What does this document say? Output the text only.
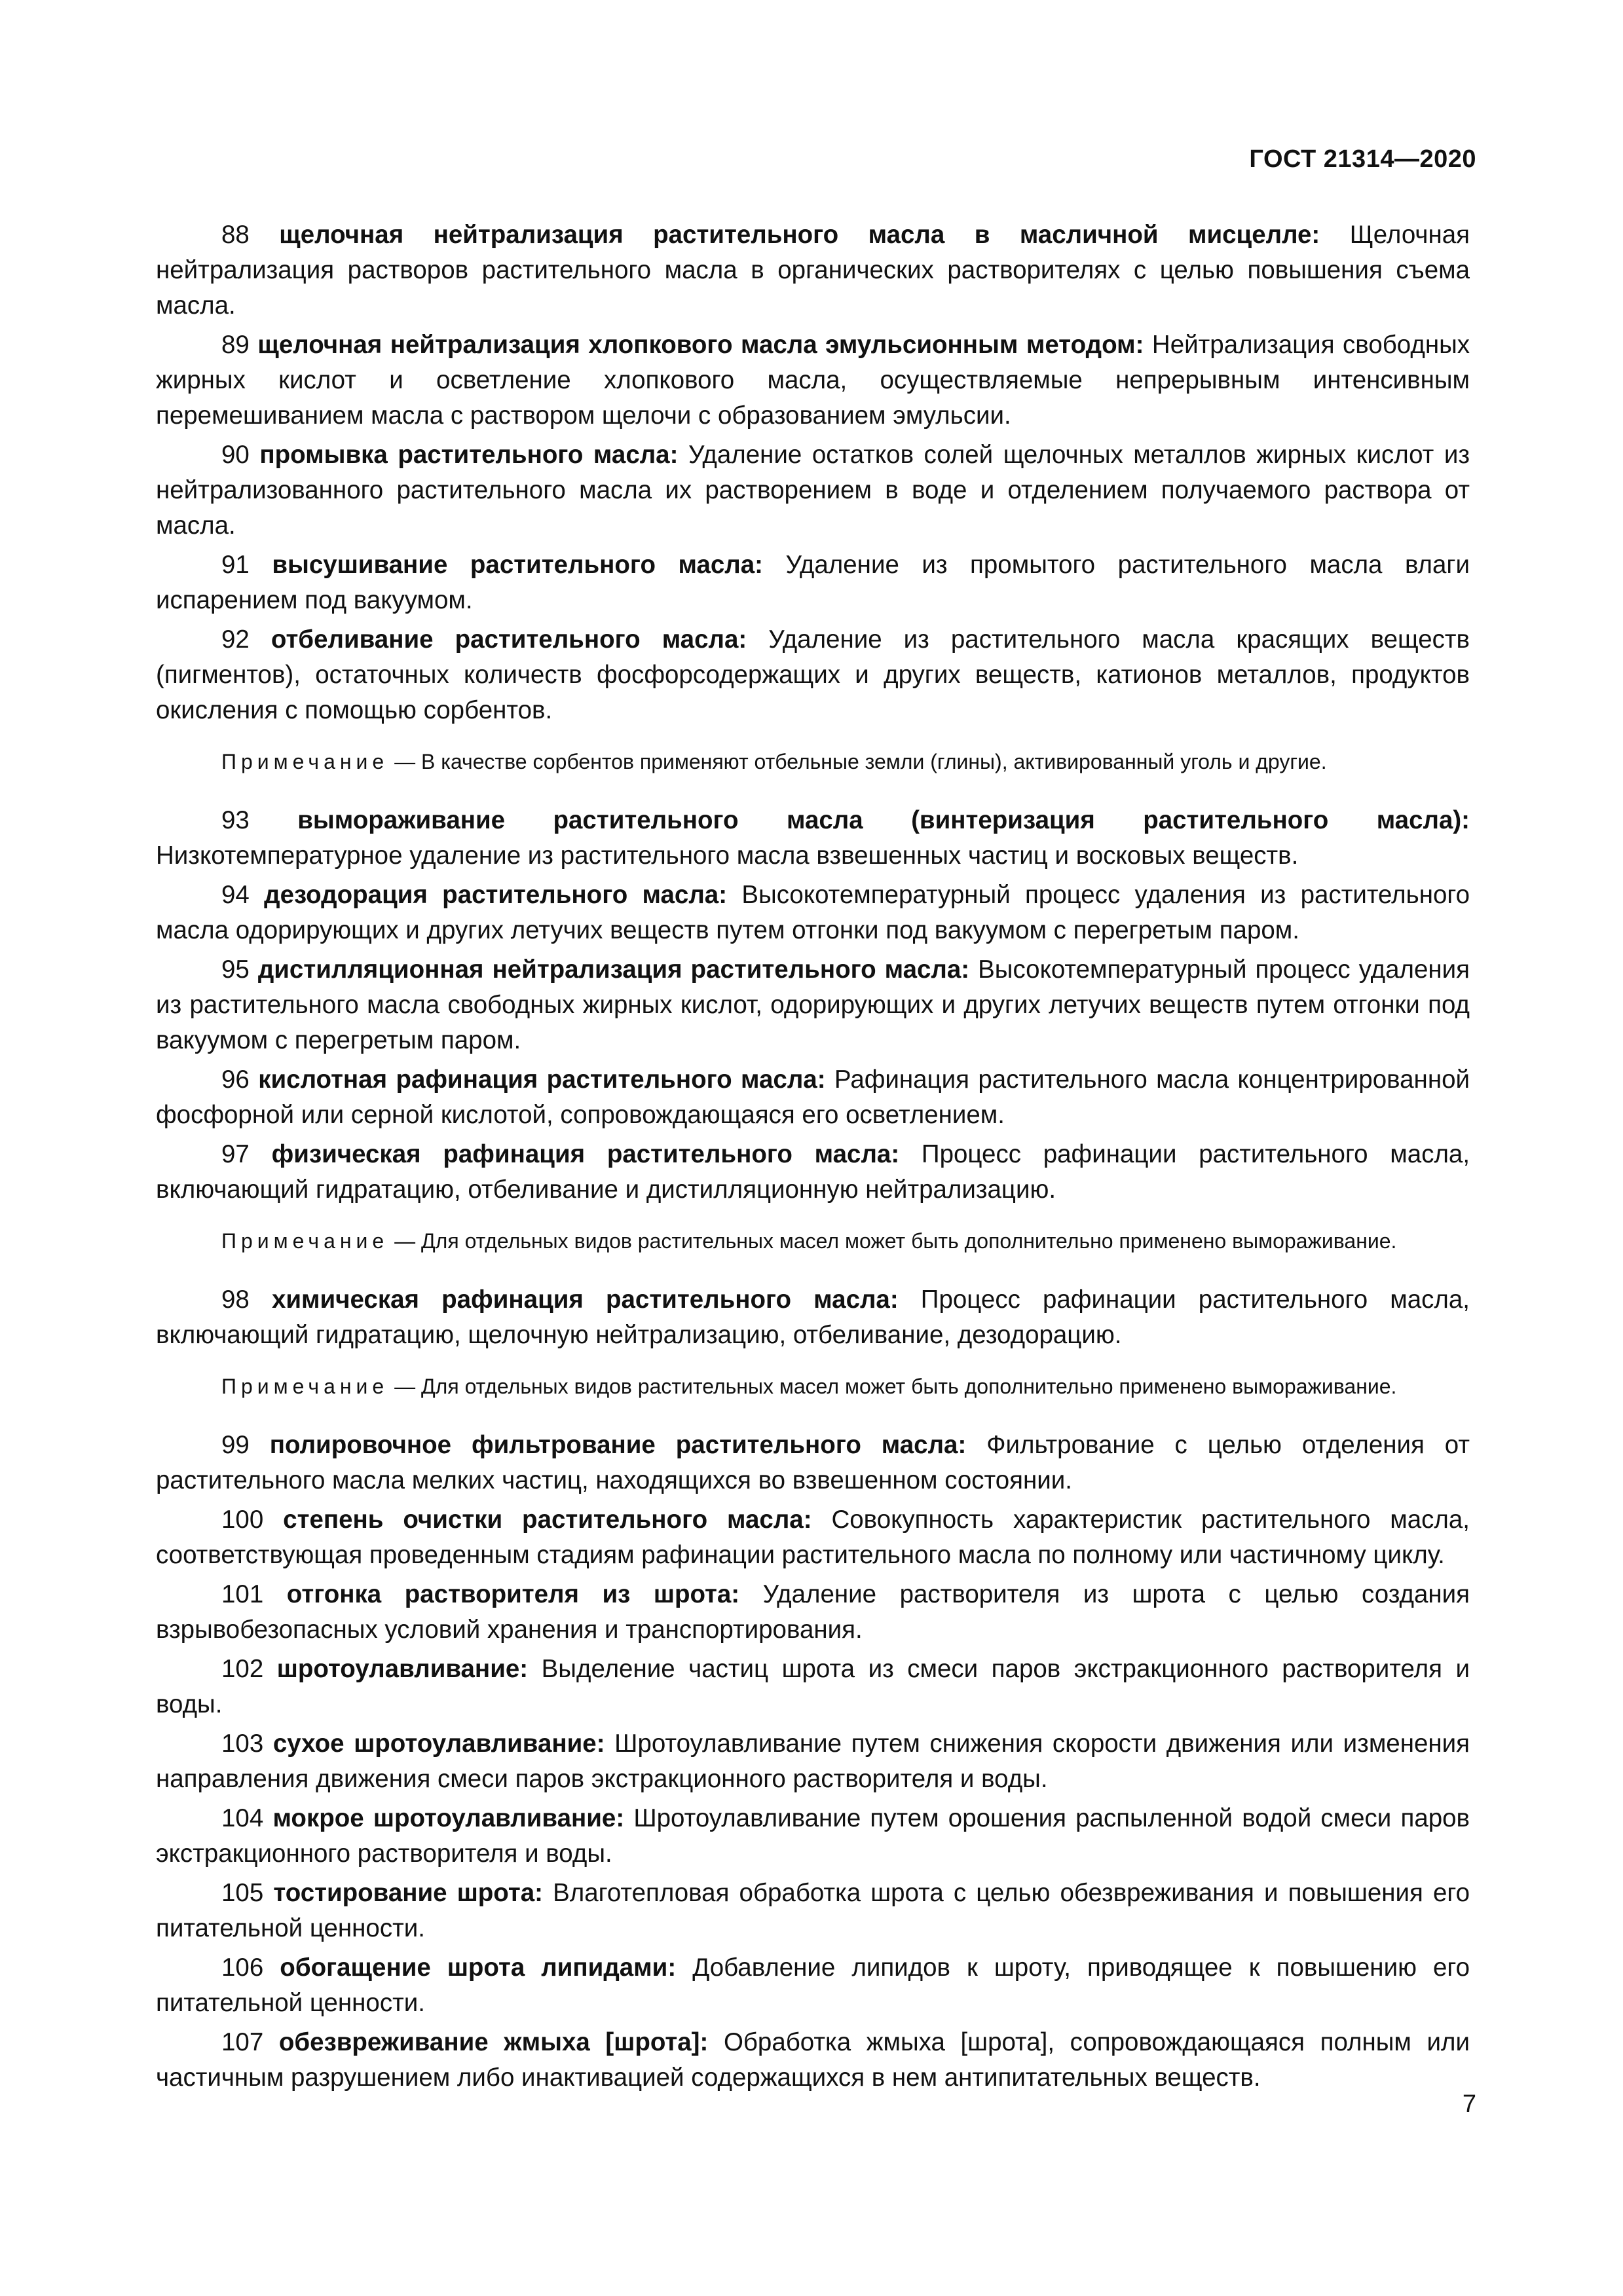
ГОСТ 21314—2020

88 щелочная нейтрализация растительного масла в масличной мисцелле: Щелочная нейтрализация растворов растительного масла в органических растворителях с целью повышения съема масла.

89 щелочная нейтрализация хлопкового масла эмульсионным методом: Нейтрализация свободных жирных кислот и осветление хлопкового масла, осуществляемые непрерывным интенсивным перемешиванием масла с раствором щелочи с образованием эмульсии.

90 промывка растительного масла: Удаление остатков солей щелочных металлов жирных кислот из нейтрализованного растительного масла их растворением в воде и отделением получаемого раствора от масла.

91 высушивание растительного масла: Удаление из промытого растительного масла влаги испарением под вакуумом.

92 отбеливание растительного масла: Удаление из растительного масла красящих веществ (пигментов), остаточных количеств фосфорсодержащих и других веществ, катионов металлов, продуктов окисления с помощью сорбентов.

Примечание — В качестве сорбентов применяют отбельные земли (глины), активированный уголь и другие.

93 вымораживание растительного масла (винтеризация растительного масла): Низкотемпературное удаление из растительного масла взвешенных частиц и восковых веществ.

94 дезодорация растительного масла: Высокотемпературный процесс удаления из растительного масла одорирующих и других летучих веществ путем отгонки под вакуумом с перегретым паром.

95 дистилляционная нейтрализация растительного масла: Высокотемпературный процесс удаления из растительного масла свободных жирных кислот, одорирующих и других летучих веществ путем отгонки под вакуумом с перегретым паром.

96 кислотная рафинация растительного масла: Рафинация растительного масла концентрированной фосфорной или серной кислотой, сопровождающаяся его осветлением.

97 физическая рафинация растительного масла: Процесс рафинации растительного масла, включающий гидратацию, отбеливание и дистилляционную нейтрализацию.

Примечание — Для отдельных видов растительных масел может быть дополнительно применено вымораживание.

98 химическая рафинация растительного масла: Процесс рафинации растительного масла, включающий гидратацию, щелочную нейтрализацию, отбеливание, дезодорацию.

Примечание — Для отдельных видов растительных масел может быть дополнительно применено вымораживание.

99 полировочное фильтрование растительного масла: Фильтрование с целью отделения от растительного масла мелких частиц, находящихся во взвешенном состоянии.

100 степень очистки растительного масла: Совокупность характеристик растительного масла, соответствующая проведенным стадиям рафинации растительного масла по полному или частичному циклу.

101 отгонка растворителя из шрота: Удаление растворителя из шрота с целью создания взрывобезопасных условий хранения и транспортирования.

102 шротоулавливание: Выделение частиц шрота из смеси паров экстракционного растворителя и воды.

103 сухое шротоулавливание: Шротоулавливание путем снижения скорости движения или изменения направления движения смеси паров экстракционного растворителя и воды.

104 мокрое шротоулавливание: Шротоулавливание путем орошения распыленной водой смеси паров экстракционного растворителя и воды.

105 тостирование шрота: Влаготепловая обработка шрота с целью обезвреживания и повышения его питательной ценности.

106 обогащение шрота липидами: Добавление липидов к шроту, приводящее к повышению его питательной ценности.

107 обезвреживание жмыха [шрота]: Обработка жмыха [шрота], сопровождающаяся полным или частичным разрушением либо инактивацией содержащихся в нем антипитательных веществ.

7
